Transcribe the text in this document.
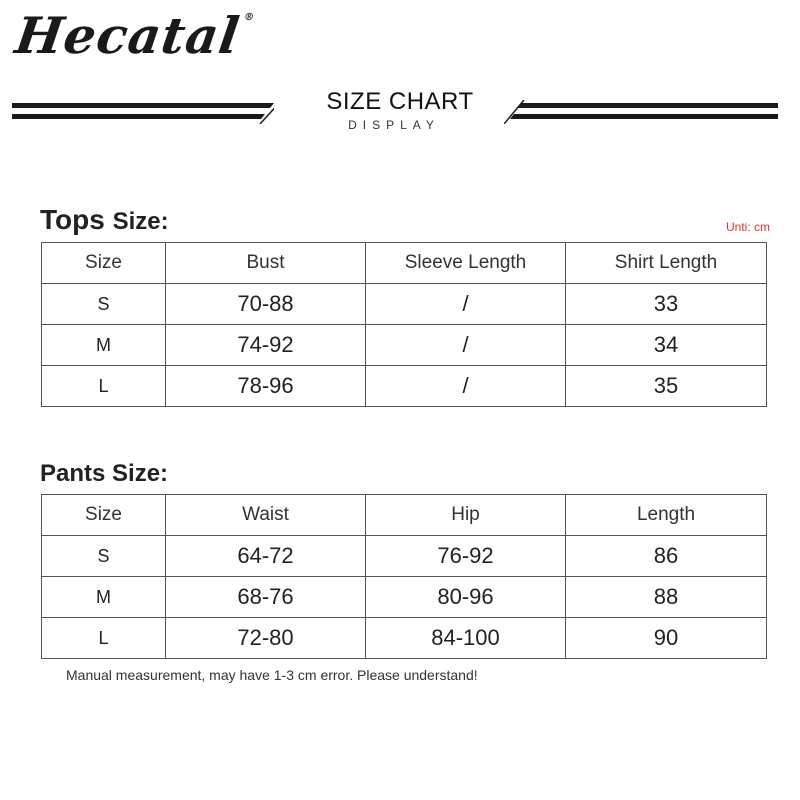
Hecatal®
SIZE CHART
DISPLAY
Tops Size:	Unti: cm
Size	Bust	Sleeve Length	Shirt Length
S	70-88	/	33
M	74-92	/	34
L	78-96	/	35
Pants Size:
Size	Waist	Hip	Length
S	64-72	76-92	86
M	68-76	80-96	88
L	72-80	84-100	90
Manual measurement, may have 1-3 cm error. Please understand!
